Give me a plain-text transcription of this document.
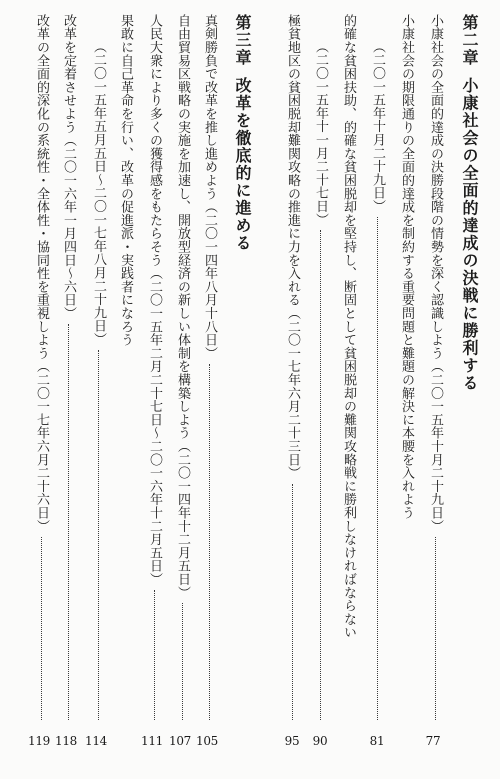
第二章
小康社会の全面的達成の決戦に勝利する
小康社会の全面的達成の決勝段階の情勢を深く認識しよう（二〇一五年十月二十九日）
77
小康社会の期限通りの全面的達成を制約する重要問題と難題の解決に本腰を入れよう
（二〇一五年十月二十九日）
81
的確な貧困扶助、的確な貧困脱却を堅持し、断固として貧困脱却の難関攻略戦に勝利しなければならない
（二〇一五年十一月二十七日）
90
極貧地区の貧困脱却難関攻略の推進に力を入れる（二〇一七年六月二十三日）
95
第三章
改革を徹底的に進める
真剣勝負で改革を推し進めよう（二〇一四年八月十八日）
105
自由貿易区戦略の実施を加速し、開放型経済の新しい体制を構築しよう（二〇一四年十二月五日）
107
人民大衆により多くの獲得感をもたらそう（二〇一五年二月二十七日～二〇一六年十二月五日）
111
果敢に自己革命を行い、改革の促進派・実践者になろう
（二〇一五年五月五日～二〇一七年八月二十九日）
114
改革を定着させよう（二〇一六年一月四日～六日）
118
改革の全面的深化の系統性・全体性・協同性を重視しよう（二〇一七年六月二十六日）
119
